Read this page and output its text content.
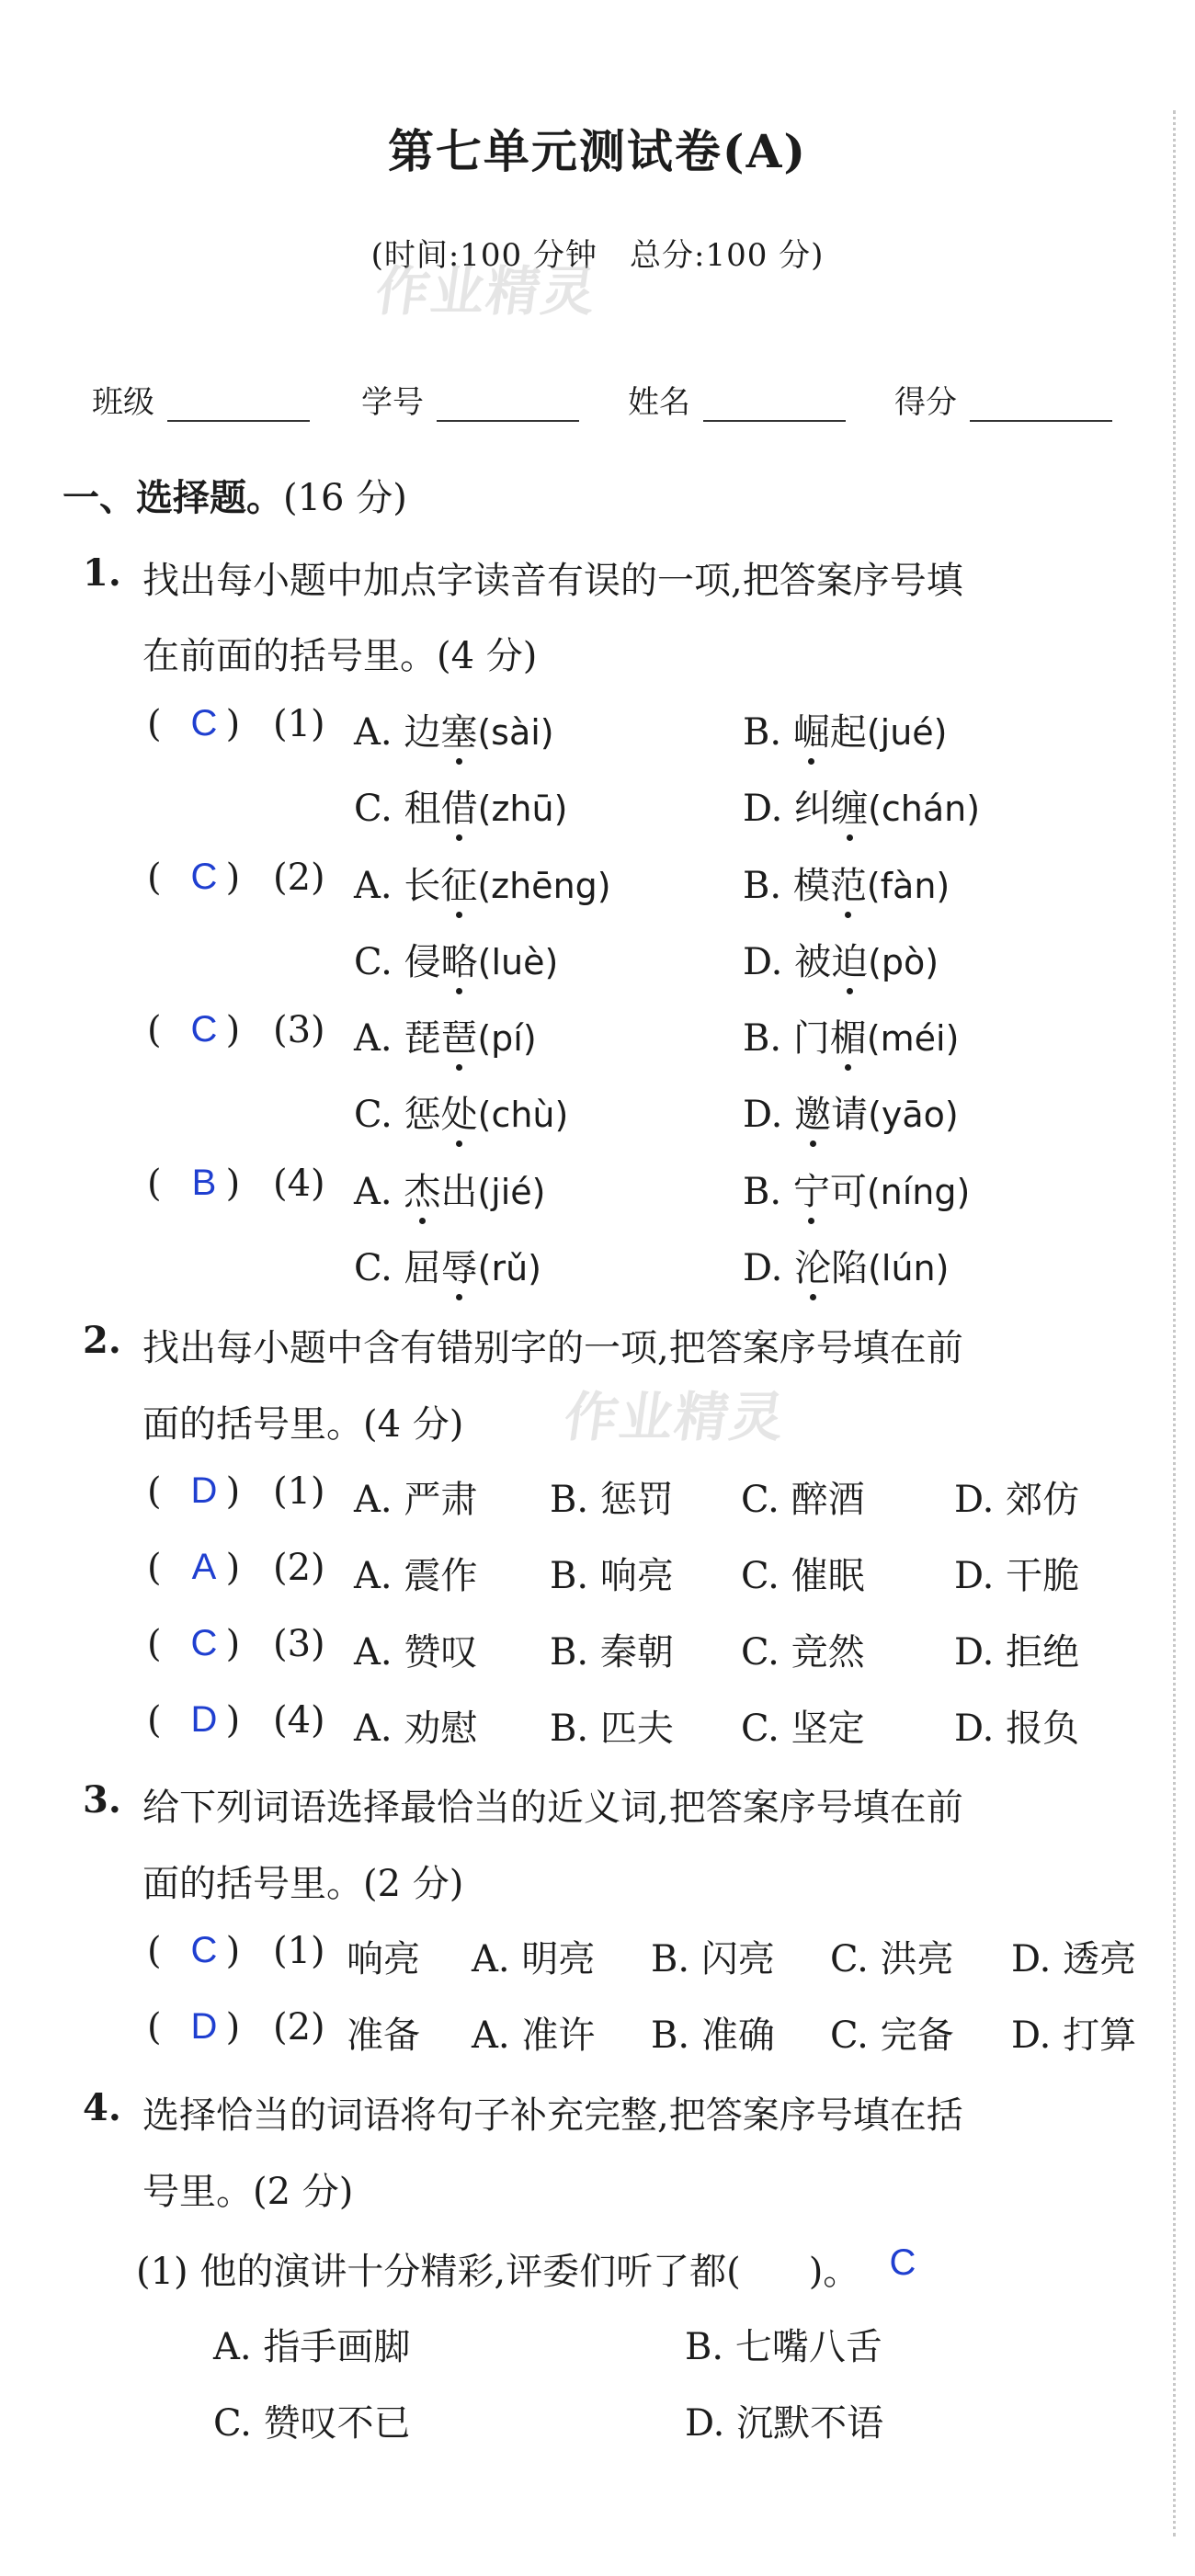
第七单元测试卷(A)
(时间:100 分钟　总分:100 分)
作业精灵
作业精灵
班级	学号	姓名	得分
一、选择题。(16 分)
1. 找出每小题中加点字读音有误的一项,把答案序号填
在前面的括号里。(4 分)
( )
C (1) A. 边塞(sài)	B. 崛起(jué)
C. 租借(zhū)	D. 纠缠(chán)
( )
C (2) A. 长征(zhēng)	B. 模范(fàn)
C. 侵略(luè)	D. 被迫(pò)
( )
C (3) A. 琵琶(pí)	B. 门楣(méi)
C. 惩处(chù)	D. 邀请(yāo)
( )
B (4) A. 杰出(jié)	B. 宁可(níng)
C. 屈辱(rǔ)	D. 沦陷(lún)
2. 找出每小题中含有错别字的一项,把答案序号填在前
面的括号里。(4 分)
( )
D (1) A. 严肃 B. 惩罚 C. 醉酒 D. 郊仿
( )
A (2) A. 震作 B. 响亮 C. 催眠 D. 干脆
( )
C (3) A. 赞叹 B. 秦朝 C. 竞然 D. 拒绝
( )
D (4) A. 劝慰 B. 匹夫 C. 坚定 D. 报负
3. 给下列词语选择最恰当的近义词,把答案序号填在前
面的括号里。(2 分)
( )
C (1) 响亮 A. 明亮 B. 闪亮 C. 洪亮 D. 透亮
( )
D (2) 准备 A. 准许 B. 准确 C. 完备 D. 打算
4. 选择恰当的词语将句子补充完整,把答案序号填在括
号里。(2 分)
(1) 他的演讲十分精彩,评委们听了都( )。 C
A. 指手画脚	B. 七嘴八舌
C. 赞叹不已	D. 沉默不语
